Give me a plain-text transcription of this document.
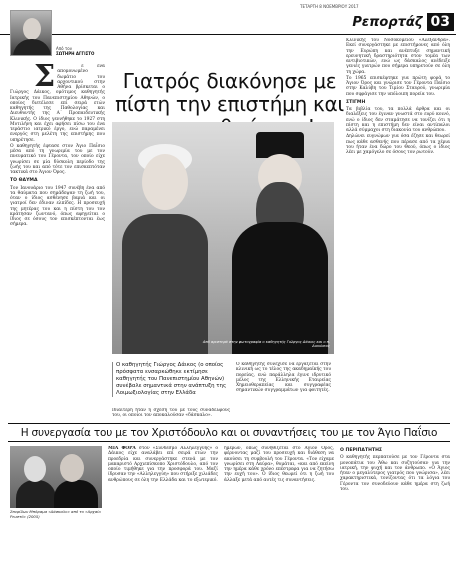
ΤΕΤΑΡΤΗ 8 ΝΟΕΜΒΡΙΟΥ 2017
Ρεπορτάζ 03
Από τον
ΣΩΤΗΡΗ ΑΓΓΙΣΤΟ

Σ	ε ένα απομονωμένο δωμάτιο του αρχοντικού στην Αθήνα βρίσκεται ο Γιώργος Δάικος, ομότιμος καθηγητής Ιατρικής του Πανεπιστημίου Αθηνών, ο οποίος διετέλεσε επί σειρά ετών καθηγητής της Παθολογίας και Διευθυντής της Α΄ Προπαιδευτικής Κλινικής. Ο ίδιος γεννήθηκε το 1927 στη Μυτιλήνη και έχει αφήσει πίσω του ένα τεράστιο ιατρικό έργο, ενώ παραμένει ενεργός στη μελέτη της επιστήμης που υπηρέτησε.

Ο καθηγητής έφτασε στον Άγιο Παΐσιο μέσα από τη γνωριμία του με τον πνευματικό του Γέροντα, τον οποίο είχε γνωρίσει σε μία δύσκολη περίοδο της ζωής του και από τότε τον επισκεπτόταν τακτικά στο Άγιον Όρος.

ΤΟ ΘΑΥΜΑ

Τον Ιανουάριο του 1947 συνέβη ένα από τα θαύματα που σημάδεψαν τη ζωή του, όταν ο ίδιος ασθένησε βαριά και οι γιατροί δεν έδιναν ελπίδες. Η προσευχή της μητέρας του και η πίστη του τον κράτησαν ζωντανό, όπως αφηγείται ο ίδιος σε όσους τον επισκέπτονται έως σήμερα.

Γιατρός διακόνησε με πίστη την επιστήμη και
Από αριστερά στην φωτογραφία ο καθηγητής Γιώργος Δάικος και ο π. Διονύσιος

Κλινικής του Νοσοκομείου «Αλεξάνδρα». Εκεί συνεργάστηκε με επιστήμονες από όλη την Ευρώπη και ανέπτυξε σημαντική ερευνητική δραστηριότητα στον τομέα των αντιβιοτικών, ενώ ως δάσκαλος ανέδειξε γενιές γιατρών που σήμερα υπηρετούν σε όλη τη χώρα.

Το 1965 επισκέφτηκε για πρώτη φορά το Άγιον Όρος και γνώρισε τον Γέροντα Παΐσιο στην Καλύβη του Τιμίου Σταυρού, γνωριμία που σφράγισε την υπόλοιπη πορεία του.

ΣΤΙΓΜΗ

Τα βιβλία του, τα πολλά άρθρα και οι διαλέξεις του έγιναν γνωστά στο ευρύ κοινό, ενώ ο ίδιος δεν σταμάτησε να τονίζει ότι η πίστη και η επιστήμη δεν είναι αντίπαλοι αλλά σύμμαχοι στη διακονία του ανθρώπου.

Δηλώνει ευγνώμων για όσα έζησε και θεωρεί πως κάθε ασθενής που πέρασε από τα χέρια του ήταν ένα δώρο του Θεού, όπως ο ίδιος λέει με χαμόγελο σε όσους τον ρωτούν.

Ο καθηγητής Γιώργος Δάικος (ο οποίος πρόσφατα ενσαρκώθηκε εκτίμησε καθηγητής του Πανεπιστημίου Αθηνών) συνέβαλε σημαντικά στην ανάπτυξη της Λοιμωξιολογίας στην Ελλάδα
Ο καθηγητής συνέχισε να εργάζεται στην κλινική ως το τέλος της ακαδημαϊκής του πορείας, ενώ παράλληλα έγινε ιδρυτικό μέλος της Ελληνικής Εταιρείας Χημειοθεραπείας και συγγραφέας σημαντικών συγγραμμάτων για φοιτητές.
Ιδιαίτερη ήταν η σχέση του με τους συναδέλφους του, οι οποίοι τον αποκαλούσαν «δάσκαλο».
Η συνεργασία του με τον Χριστόδουλο και οι συναντήσεις του με τον Άγιο Παΐσιο
Σπυρίδων Μπόραμα «Δάσκαλο» από το «Αρχαίο Ρευστό» (2005)

ΜΙΑ ΦΟΡΑ στον «Σύνδεσμο Αλληλεγγύης» ο Δάικος είχε αναλάβει επί σειρά ετών την προεδρία και συνεργάστηκε στενά με τον μακαριστό Αρχιεπίσκοπο Χριστόδουλο, από τον οποίο τιμήθηκε για την προσφορά του. Μαζί ίδρυσαν την «Αλληλεγγύη» που στήριξε χιλιάδες ανθρώπους σε όλη την Ελλάδα και το εξωτερικό.

ημερών, όπως συνηθίζεται στο Άγιον Όρος, φέρνοντας μαζί του προσευχή και διάθεση να ακούσει τη συμβουλή του Γέροντα. «Τον είχαμε γνωρίσει στη Λαύρα», θυμάται, «και από εκείνη την ημέρα κάθε χρόνο επέστρεφα για να ζητήσω την ευχή του». Ο ίδιος θεωρεί ότι η ζωή του άλλαξε μετά από αυτές τις συναντήσεις.

Ο ΠΕΡΙΠΑΤΗΤΗΣ

Ο καθηγητής περπατούσε με τον Γέροντα στα μονοπάτια του Άθω και συζητούσαν για την ιατρική, την ψυχή και τον άνθρωπο. «Ο Άγιος ήταν ο μεγαλύτερος γιατρός που γνώρισα», λέει χαρακτηριστικά, τονίζοντας ότι τα λόγια του Γέροντα τον συνοδεύουν κάθε ημέρα στη ζωή του.
